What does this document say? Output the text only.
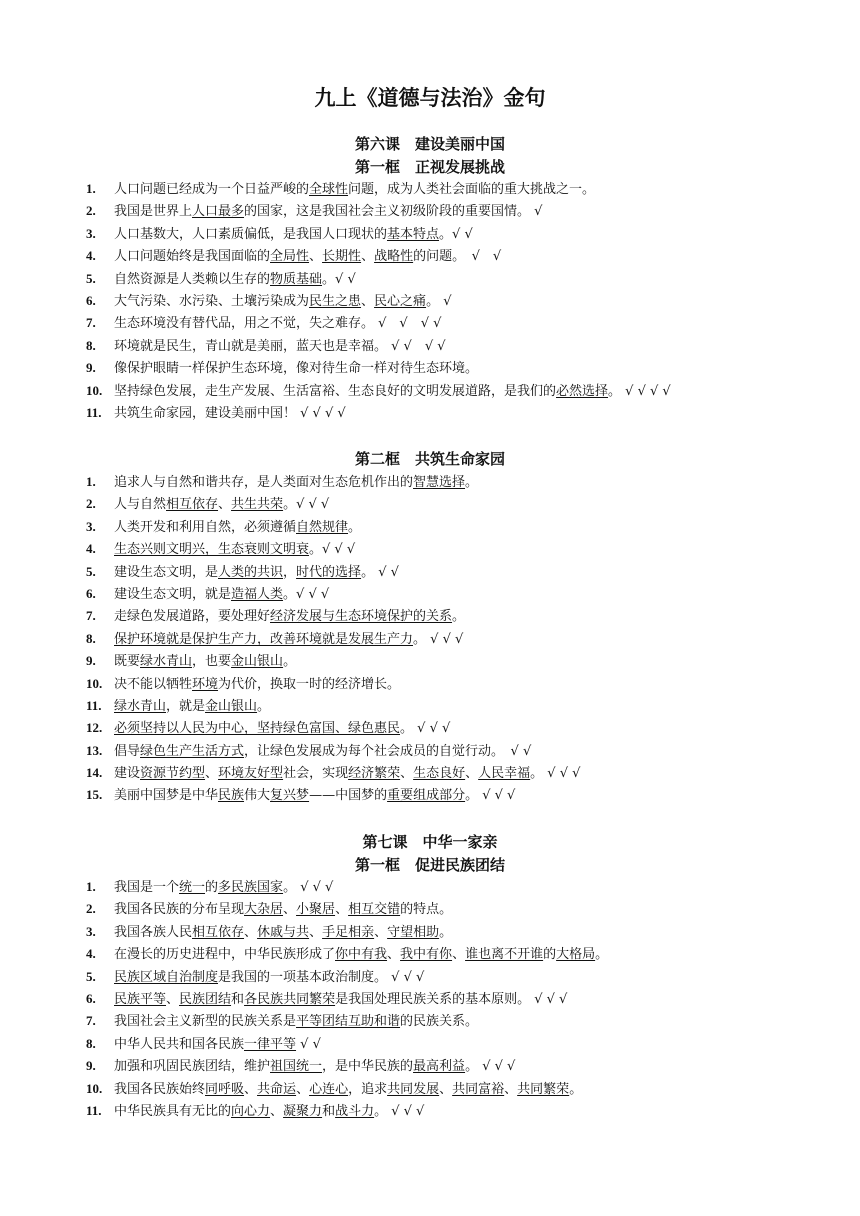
九上《道德与法治》金句
第六课　建设美丽中国
第一框　正视发展挑战
1. 人口问题已经成为一个日益严峻的全球性问题，成为人类社会面临的重大挑战之一。
2. 我国是世界上人口最多的国家，这是我国社会主义初级阶段的重要国情。 √
3. 人口基数大，人口素质偏低，是我国人口现状的基本特点。√ √
4. 人口问题始终是我国面临的全局性、长期性、战略性的问题。　√　√
5. 自然资源是人类赖以生存的物质基础。√ √
6. 大气污染、水污染、土壤污染成为民生之患、民心之痛。 √
7. 生态环境没有替代品，用之不觉，失之难存。 √　√　√ √
8. 环境就是民生，青山就是美丽，蓝天也是幸福。 √ √　√ √
9. 像保护眼睛一样保护生态环境，像对待生命一样对待生态环境。
10. 坚持绿色发展，走生产发展、生活富裕、生态良好的文明发展道路，是我们的必然选择。 √ √ √ √
11. 共筑生命家园，建设美丽中国！ √ √ √ √
第二框　共筑生命家园
1. 追求人与自然和谐共存，是人类面对生态危机作出的智慧选择。
2. 人与自然相互依存、共生共荣。√ √ √
3. 人类开发和利用自然，必须遵循自然规律。
4. 生态兴则文明兴，生态衰则文明衰。√ √ √
5. 建设生态文明，是人类的共识，时代的选择。 √ √
6. 建设生态文明，就是造福人类。√ √ √
7. 走绿色发展道路，要处理好经济发展与生态环境保护的关系。
8. 保护环境就是保护生产力，改善环境就是发展生产力。 √ √ √
9. 既要绿水青山，也要金山银山。
10. 决不能以牺牲环境为代价，换取一时的经济增长。
11. 绿水青山，就是金山银山。
12. 必须坚持以人民为中心，坚持绿色富国、绿色惠民。 √ √ √
13. 倡导绿色生产生活方式，让绿色发展成为每个社会成员的自觉行动。　√ √
14. 建设资源节约型、环境友好型社会，实现经济繁荣、生态良好、人民幸福。 √ √ √
15. 美丽中国梦是中华民族伟大复兴梦——中国梦的重要组成部分。 √ √ √
第七课　中华一家亲
第一框　促进民族团结
1. 我国是一个统一的多民族国家。 √ √ √
2. 我国各民族的分布呈现大杂居、小聚居、相互交错的特点。
3. 我国各族人民相互依存、休戚与共、手足相亲、守望相助。
4. 在漫长的历史进程中，中华民族形成了你中有我、我中有你、谁也离不开谁的大格局。
5. 民族区域自治制度是我国的一项基本政治制度。 √ √ √
6. 民族平等、民族团结和各民族共同繁荣是我国处理民族关系的基本原则。 √ √ √
7. 我国社会主义新型的民族关系是平等团结互助和谐的民族关系。
8. 中华人民共和国各民族一律平等 √ √
9. 加强和巩固民族团结，维护祖国统一，是中华民族的最高利益。 √ √ √
10. 我国各民族始终同呼吸、共命运、心连心，追求共同发展、共同富裕、共同繁荣。
11. 中华民族具有无比的向心力、凝聚力和战斗力。 √ √ √
